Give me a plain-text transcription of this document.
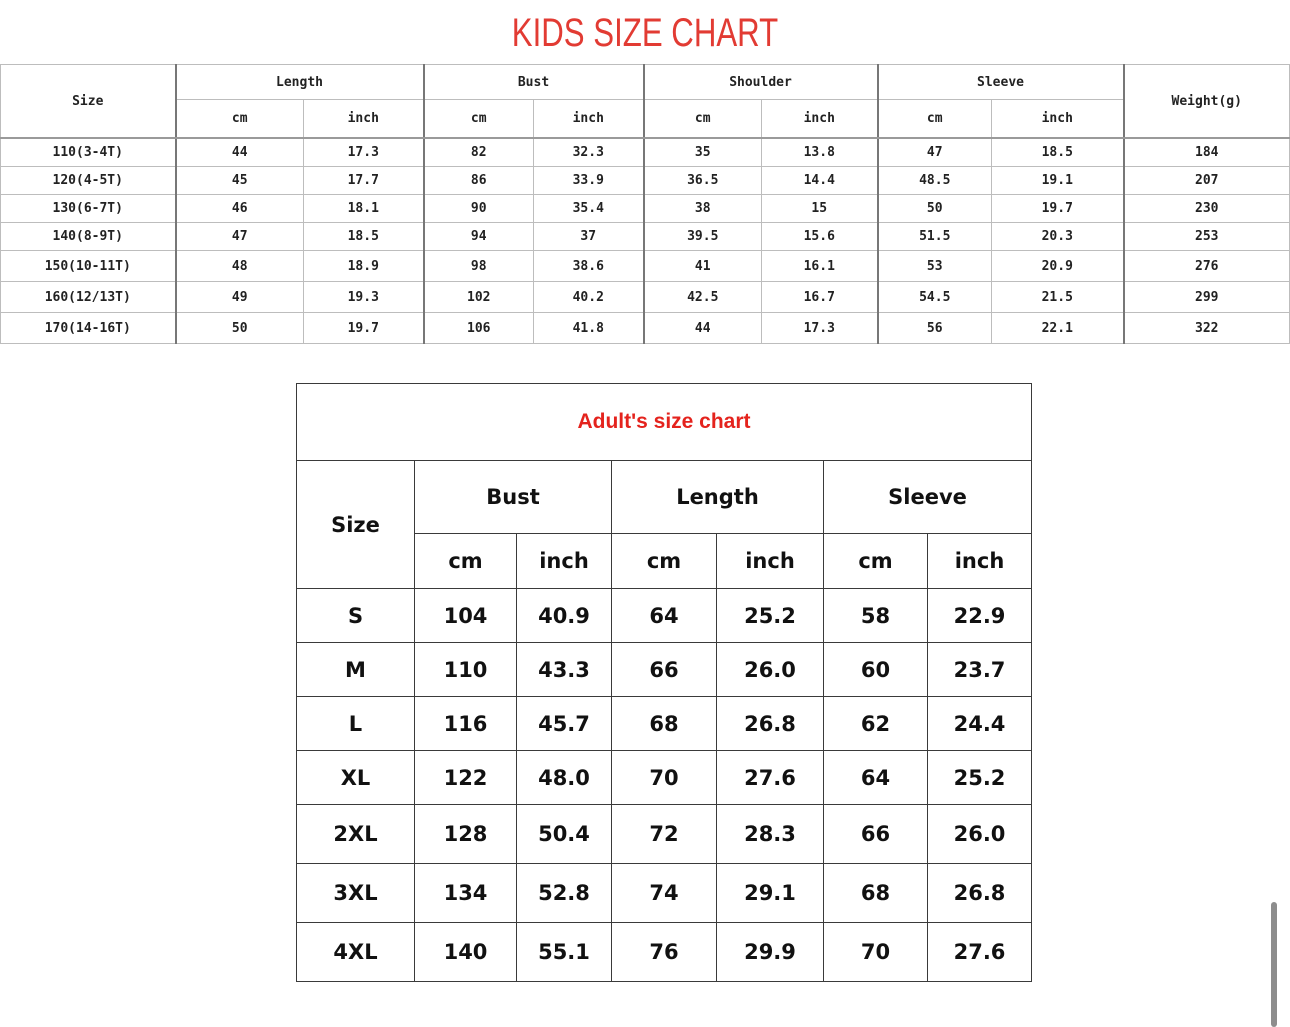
KIDS SIZE CHART
Size	Length		Bust		Shoulder		Sleeve		Weight(g)
	cm	inch	cm	inch	cm	inch	cm	inch	
110(3-4T)	44	17.3	82	32.3	35	13.8	47	18.5	184
120(4-5T)	45	17.7	86	33.9	36.5	14.4	48.5	19.1	207
130(6-7T)	46	18.1	90	35.4	38	15	50	19.7	230
140(8-9T)	47	18.5	94	37	39.5	15.6	51.5	20.3	253
150(10-11T)	48	18.9	98	38.6	41	16.1	53	20.9	276
160(12/13T)	49	19.3	102	40.2	42.5	16.7	54.5	21.5	299
170(14-16T)	50	19.7	106	41.8	44	17.3	56	22.1	322
Adult's size chart						
Size	Bust		Length		Sleeve	
	cm	inch	cm	inch	cm	inch
S	104	40.9	64	25.2	58	22.9
M	110	43.3	66	26.0	60	23.7
L	116	45.7	68	26.8	62	24.4
XL	122	48.0	70	27.6	64	25.2
2XL	128	50.4	72	28.3	66	26.0
3XL	134	52.8	74	29.1	68	26.8
4XL	140	55.1	76	29.9	70	27.6
